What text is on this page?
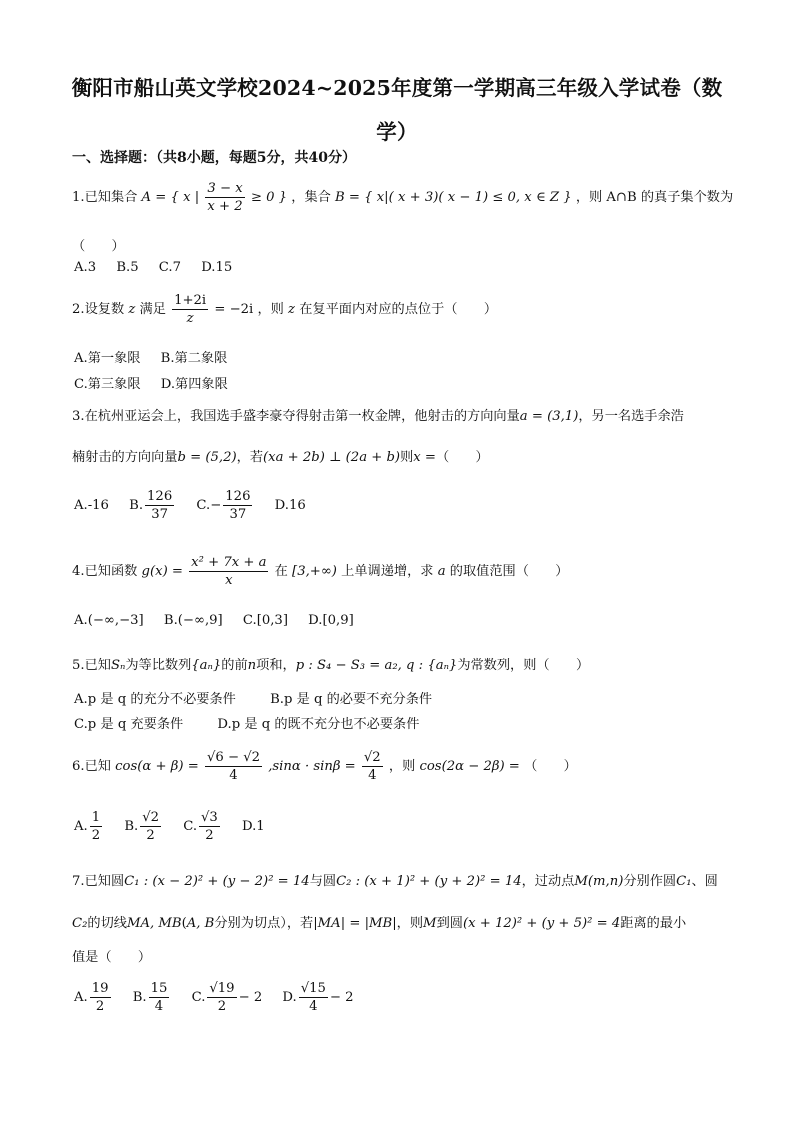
衡阳市船山英文学校2024~2025年度第一学期高三年级入学试卷（数
学）
一、选择题：（共8小题，每题5分，共40分）
1.已知集合 A = { x | $\frac{3 - x}{x + 2} \ge 0$ } ，集合 B = { x|( x + 3)( x − 1) ≤ 0, x ∈ Z } ，则 A∩B 的真子集个数为
（　　）
A.3 B.5 C.7 D.15
2.设复数 z 满足 $\frac{1+2i}{z} = -2i$ ，则 z 在复平面内对应的点位于（　　）
A.第一象限 B.第二象限
C.第三象限 D.第四象限
3.在杭州亚运会上，我国选手盛李豪夺得射击第一枚金牌，他射击的方向向量a = (3,1)，另一名选手余浩
楠射击的方向向量b = (5,2)，若(xa + 2b) ⊥ (2a + b)则x =（　　）
A.-16 B. $\frac{126}{37} C.- \frac{126}{37} D.16$
4.已知函数 $g(x) = \frac{\text{x² + 7x + a}}{x}$ 在 [3,+∞) 上单调递增，求 a 的取值范围（　　）
A.(−∞,−3] B.(−∞,9] C.[0,3] D.[0,9]
5.已知Sₙ为等比数列{aₙ}的前n项和，p : S₄ − S₃ = a₂, q : {aₙ}为常数列，则（　　）
A.p 是 q 的充分不必要条件	B.p 是 q 的必要不充分条件
C.p 是 q 充要条件	D.p 是 q 的既不充分也不必要条件
6.已知 $\cos(\alpha + \beta) = \frac{√6 - √2}{4} ,\sin\alpha \cdot \sin\beta = \frac{√2}{4}$ ，则 cos(2α − 2β) = （　　）
A. $\frac{1}{2} B$. $\frac{√2}{2} C$. $\frac{√3}{2} D.1$
7.已知圆C₁ : (x − 2)² + (y − 2)² = 14与圆C₂ : (x + 1)² + (y + 2)² = 14，过动点M(m,n)分别作圆C₁、圆
C₂的切线MA, MB(A, B分别为切点），若|MA| = |MB|，则M到圆(x + 12)² + (y + 5)² = 4距离的最小
值是（　　）
A. $\frac{19}{2} B$. $\frac{15}{4} C$. $\frac{√19}{2} - 2$ D. $\frac{√15}{4} - 2$
